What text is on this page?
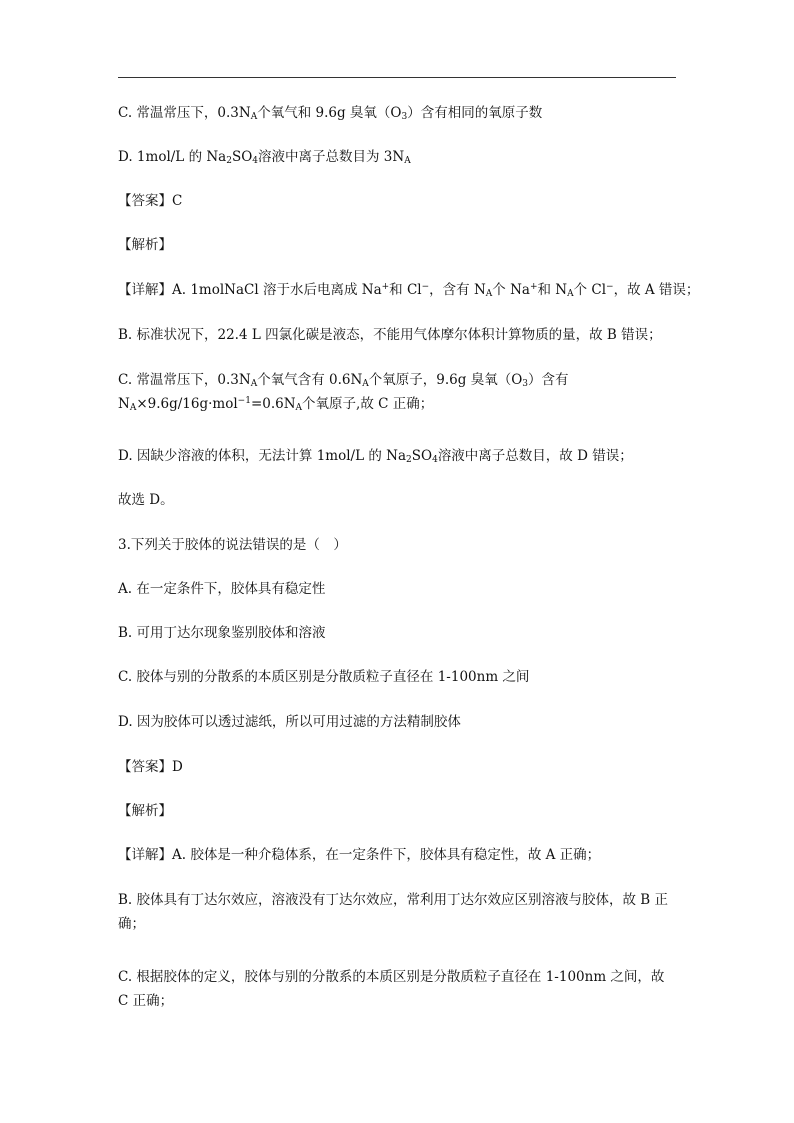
C. 常温常压下，$0.3N_A$个氧气和 9.6g 臭氧$(O_3)$含有相同的氧原子数
D. 1mol/L 的 $Na_2SO_4$溶液中离子总数目为 $3N_A$
【答案】C
【解析】
【详解】A. 1molNaCl 溶于水后电离成 Na+和 Cl−，含有 $N_A$个 Na+和 $N_A$个 Cl−，故 A 错误；
B. 标准状况下，22.4 L 四氯化碳是液态，不能用气体摩尔体积计算物质的量，故 B 错误；
C. 常温常压下，$0.3N_A$个氧气含有 $0.6N_A$个氧原子，9.6g 臭氧$(O_3)$含有 $N_A\times 9.6g/16g\cdot mol^{-1}=0.6N_A$个氧原子,故 C 正确；
D. 因缺少溶液的体积，无法计算 1mol/L 的 $Na_2SO_4$溶液中离子总数目，故 D 错误；
故选 D。
3.下列关于胶体的说法错误的是（　）
A. 在一定条件下，胶体具有稳定性
B. 可用丁达尔现象鉴别胶体和溶液
C. 胶体与别的分散系的本质区别是分散质粒子直径在 1-100nm 之间
D. 因为胶体可以透过滤纸，所以可用过滤的方法精制胶体
【答案】D
【解析】
【详解】A. 胶体是一种介稳体系，在一定条件下，胶体具有稳定性，故 A 正确；
B. 胶体具有丁达尔效应，溶液没有丁达尔效应，常利用丁达尔效应区别溶液与胶体，故 B 正确；
C. 根据胶体的定义，胶体与别的分散系的本质区别是分散质粒子直径在 1-100nm 之间，故 C 正确；
